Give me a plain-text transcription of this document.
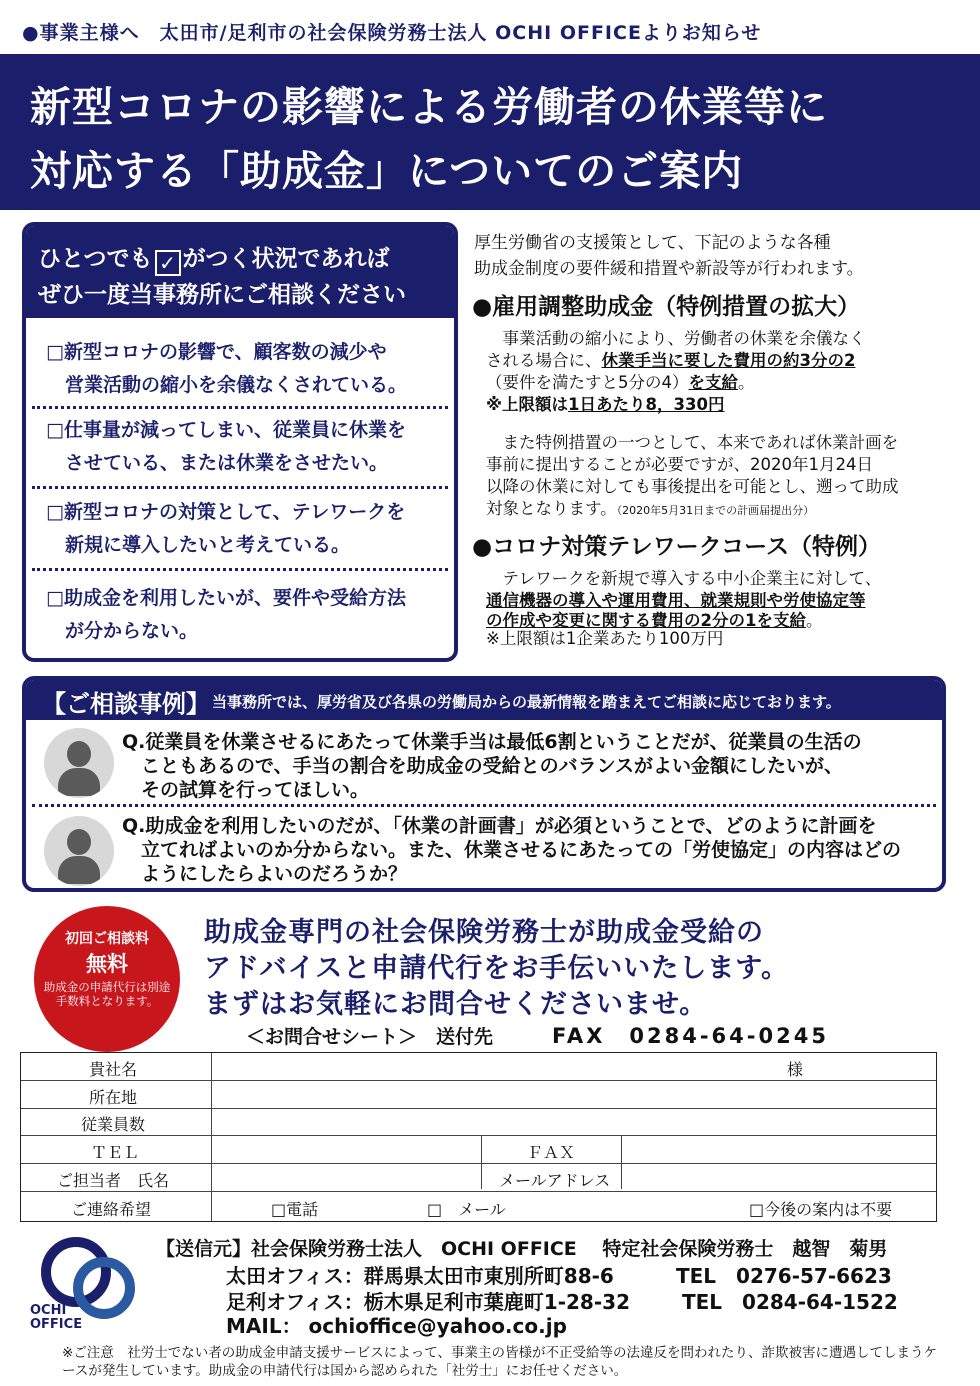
●事業主様へ　太田市/足利市の社会保険労務士法人 OCHI OFFICEよりお知らせ
新型コロナの影響による労働者の休業等に
対応する「助成金」についてのご案内
ひとつでも ✓ がつく状況であれば
ぜひ一度当事務所にご相談ください
□新型コロナの影響で、顧客数の減少や
　営業活動の縮小を余儀なくされている。
□仕事量が減ってしまい、従業員に休業を
　させている、または休業をさせたい。
□新型コロナの対策として、テレワークを
　新規に導入したいと考えている。
□助成金を利用したいが、要件や受給方法
　が分からない。
厚生労働省の支援策として、下記のような各種
助成金制度の要件緩和措置や新設等が行われます。
●雇用調整助成金（特例措置の拡大）
　事業活動の縮小により、労働者の休業を余儀なく
される場合に、休業手当に要した費用の約3分の2
（要件を満たすと5分の4）を支給。
※上限額は1日あたり8，330円
　また特例措置の一つとして、本来であれば休業計画を
事前に提出することが必要ですが、2020年1月24日
以降の休業に対しても事後提出を可能とし、遡って助成
対象となります。（2020年5月31日までの計画届提出分）
●コロナ対策テレワークコース（特例）
　テレワークを新規で導入する中小企業主に対して、
通信機器の導入や運用費用、就業規則や労使協定等
の作成や変更に関する費用の2分の1を支給。
※上限額は1企業あたり100万円
【ご相談事例】 当事務所では、厚労省及び各県の労働局からの最新情報を踏まえてご相談に応じております。
Q.従業員を休業させるにあたって休業手当は最低6割ということだが、従業員の生活の
　こともあるので、手当の割合を助成金の受給とのバランスがよい金額にしたいが、
　その試算を行ってほしい。
Q.助成金を利用したいのだが、「休業の計画書」が必須ということで、どのように計画を
　立てればよいのか分からない。また、休業させるにあたっての「労使協定」の内容はどの
　ようにしたらよいのだろうか？
初回ご相談料
無料
助成金の申請代行は別途手数料となります。
助成金専門の社会保険労務士が助成金受給の
アドバイスと申請代行をお手伝いいたします。
まずはお気軽にお問合せくださいませ。
＜お問合せシート＞　送付先	FAX　0284-64-0245
貴社名	様
所在地
従業員数
ＴＥＬ	ＦＡＸ
ご担当者　氏名	メールアドレス
ご連絡希望	□電話	□　メール	□今後の案内は不要
OCHI
OFFICE
【送信元】社会保険労務士法人　OCHI OFFICE　 特定社会保険労務士　越智　菊男
太田オフィス：群馬県太田市東別所町88-6	TEL　0276-57-6623
足利オフィス：栃木県足利市葉鹿町1-28-32	TEL　0284-64-1522
MAIL： ochioffice@yahoo.co.jp
※ご注意　社労士でない者の助成金申請支援サービスによって、事業主の皆様が不正受給等の法違反を問われたり、詐欺被害に遭遇してしまうケースが発生しています。助成金の申請代行は国から認められた「社労士」にお任せください。
